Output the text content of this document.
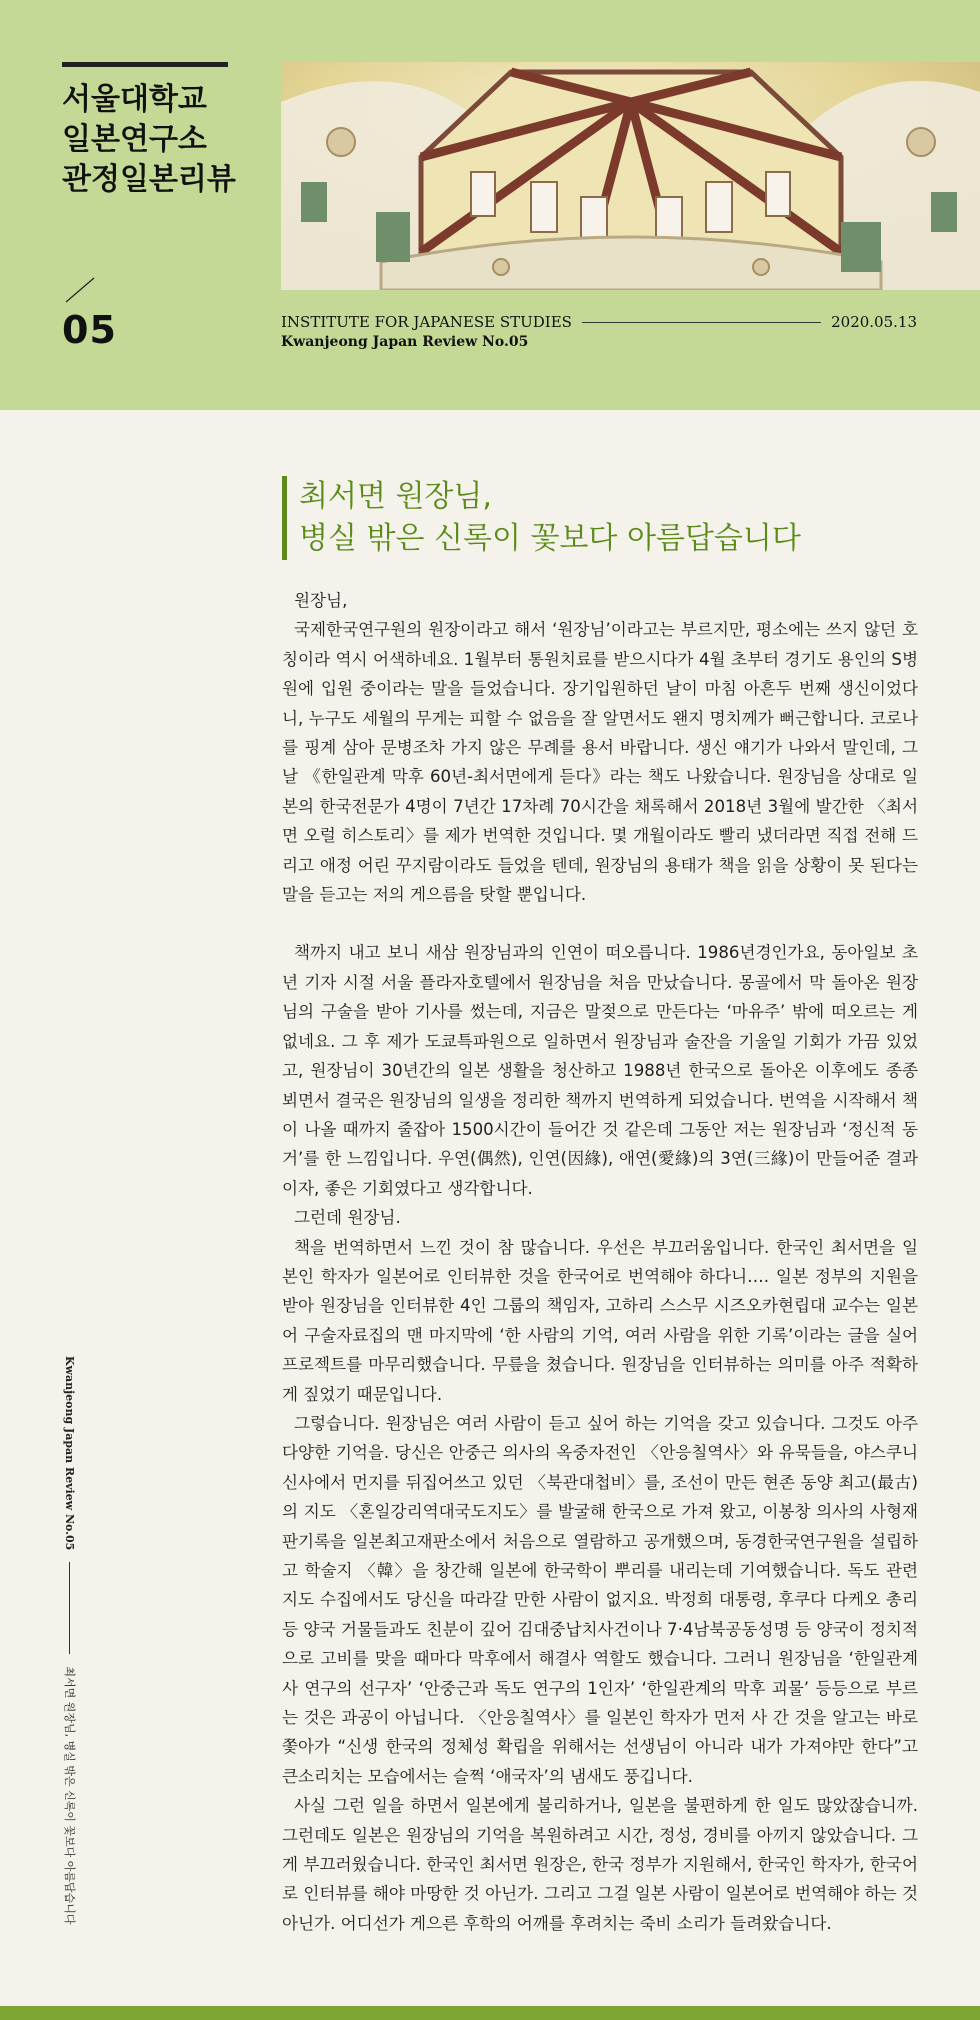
서울대학교
일본연구소
관정일본리뷰
05	INSTITUTE FOR JAPANESE STUDIES	2020.05.13
Kwanjeong Japan Review No.05
최서면 원장님,
병실 밖은 신록이 꽃보다 아름답습니다

원장님,

국제한국연구원의 원장이라고 해서 ‘원장님’이라고는 부르지만, 평소에는 쓰지 않던 호칭이라 역시 어색하네요. 1월부터 통원치료를 받으시다가 4월 초부터 경기도 용인의 S병원에 입원 중이라는 말을 들었습니다. 장기입원하던 날이 마침 아흔두 번째 생신이었다니, 누구도 세월의 무게는 피할 수 없음을 잘 알면서도 왠지 명치께가 뻐근합니다. 코로나를 핑계 삼아 문병조차 가지 않은 무례를 용서 바랍니다. 생신 얘기가 나와서 말인데, 그날 《한일관계 막후 60년-최서면에게 듣다》라는 책도 나왔습니다. 원장님을 상대로 일본의 한국전문가 4명이 7년간 17차례 70시간을 채록해서 2018년 3월에 발간한 〈최서면 오럴 히스토리〉를 제가 번역한 것입니다. 몇 개월이라도 빨리 냈더라면 직접 전해 드리고 애정 어린 꾸지람이라도 들었을 텐데, 원장님의 용태가 책을 읽을 상황이 못 된다는 말을 듣고는 저의 게으름을 탓할 뿐입니다.

책까지 내고 보니 새삼 원장님과의 인연이 떠오릅니다. 1986년경인가요, 동아일보 초년 기자 시절 서울 플라자호텔에서 원장님을 처음 만났습니다. 몽골에서 막 돌아온 원장님의 구술을 받아 기사를 썼는데, 지금은 말젖으로 만든다는 ‘마유주’ 밖에 떠오르는 게 없네요. 그 후 제가 도쿄특파원으로 일하면서 원장님과 술잔을 기울일 기회가 가끔 있었고, 원장님이 30년간의 일본 생활을 청산하고 1988년 한국으로 돌아온 이후에도 종종 뵈면서 결국은 원장님의 일생을 정리한 책까지 번역하게 되었습니다. 번역을 시작해서 책이 나올 때까지 줄잡아 1500시간이 들어간 것 같은데 그동안 저는 원장님과 ‘정신적 동거’를 한 느낌입니다. 우연(偶然), 인연(因緣), 애연(愛緣)의 3연(三緣)이 만들어준 결과이자, 좋은 기회였다고 생각합니다.

그런데 원장님.

책을 번역하면서 느낀 것이 참 많습니다. 우선은 부끄러움입니다. 한국인 최서면을 일본인 학자가 일본어로 인터뷰한 것을 한국어로 번역해야 하다니…. 일본 정부의 지원을 받아 원장님을 인터뷰한 4인 그룹의 책임자, 고하리 스스무 시즈오카현립대 교수는 일본어 구술자료집의 맨 마지막에 ‘한 사람의 기억, 여러 사람을 위한 기록’이라는 글을 실어 프로젝트를 마무리했습니다. 무릎을 쳤습니다. 원장님을 인터뷰하는 의미를 아주 적확하게 짚었기 때문입니다.

그렇습니다. 원장님은 여러 사람이 듣고 싶어 하는 기억을 갖고 있습니다. 그것도 아주 다양한 기억을. 당신은 안중근 의사의 옥중자전인 〈안응칠역사〉와 유묵들을, 야스쿠니신사에서 먼지를 뒤집어쓰고 있던 〈북관대첩비〉를, 조선이 만든 현존 동양 최고(最古)의 지도 〈혼일강리역대국도지도〉를 발굴해 한국으로 가져 왔고, 이봉창 의사의 사형재판기록을 일본최고재판소에서 처음으로 열람하고 공개했으며, 동경한국연구원을 설립하고 학술지 〈韓〉을 창간해 일본에 한국학이 뿌리를 내리는데 기여했습니다. 독도 관련 지도 수집에서도 당신을 따라갈 만한 사람이 없지요. 박정희 대통령, 후쿠다 다케오 총리 등 양국 거물들과도 친분이 깊어 김대중납치사건이나 7·4남북공동성명 등 양국이 정치적으로 고비를 맞을 때마다 막후에서 해결사 역할도 했습니다. 그러니 원장님을 ‘한일관계사 연구의 선구자’ ‘안중근과 독도 연구의 1인자’ ‘한일관계의 막후 괴물’ 등등으로 부르는 것은 과공이 아닙니다. 〈안응칠역사〉를 일본인 학자가 먼저 사 간 것을 알고는 바로 쫓아가 “신생 한국의 정체성 확립을 위해서는 선생님이 아니라 내가 가져야만 한다”고 큰소리치는 모습에서는 슬쩍 ‘애국자’의 냄새도 풍깁니다.

사실 그런 일을 하면서 일본에게 불리하거나, 일본을 불편하게 한 일도 많았잖습니까. 그런데도 일본은 원장님의 기억을 복원하려고 시간, 정성, 경비를 아끼지 않았습니다. 그게 부끄러웠습니다. 한국인 최서면 원장은, 한국 정부가 지원해서, 한국인 학자가, 한국어로 인터뷰를 해야 마땅한 것 아닌가. 그리고 그걸 일본 사람이 일본어로 번역해야 하는 것 아닌가. 어디선가 게으른 후학의 어깨를 후려치는 죽비 소리가 들려왔습니다.

Kwanjeong Japan Review No.05
최서면 원장님, 병실 밖은 신록이 꽃보다 아름답습니다
